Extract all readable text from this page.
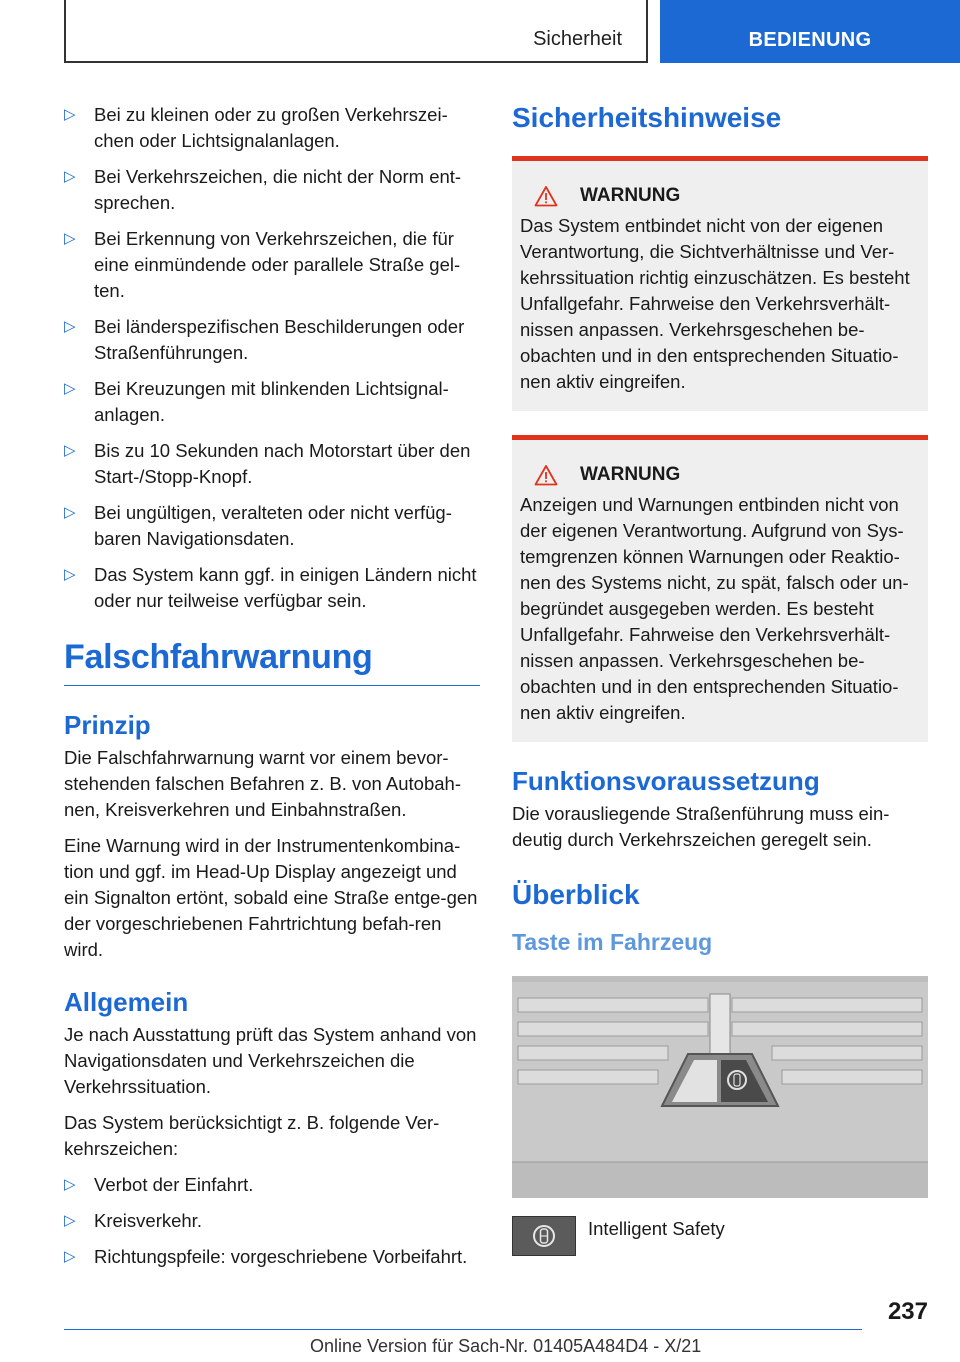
Sicherheit	BEDIENUNG
▷ Bei zu kleinen oder zu großen Verkehrszei-chen oder Lichtsignalanlagen.
▷ Bei Verkehrszeichen, die nicht der Norm ent-sprechen.
▷ Bei Erkennung von Verkehrszeichen, die für eine einmündende oder parallele Straße gel-ten.
▷ Bei länderspezifischen Beschilderungen oder Straßenführungen.
▷ Bei Kreuzungen mit blinkenden Lichtsignal-anlagen.
▷ Bis zu 10 Sekunden nach Motorstart über den Start-/Stopp-Knopf.
▷ Bei ungültigen, veralteten oder nicht verfüg-baren Navigationsdaten.
▷ Das System kann ggf. in einigen Ländern nicht oder nur teilweise verfügbar sein.
Falschfahrwarnung
Prinzip

Die Falschfahrwarnung warnt vor einem bevor-stehenden falschen Befahren z. B. von Autobah-nen, Kreisverkehren und Einbahnstraßen.

Eine Warnung wird in der Instrumentenkombina-tion und ggf. im Head-Up Display angezeigt und ein Signalton ertönt, sobald eine Straße entge-gen der vorgeschriebenen Fahrtrichtung befah-ren wird.

Allgemein

Je nach Ausstattung prüft das System anhand von Navigationsdaten und Verkehrszeichen die Verkehrssituation.

Das System berücksichtigt z. B. folgende Ver-kehrszeichen:

▷ Verbot der Einfahrt.
▷ Kreisverkehr.
▷ Richtungspfeile: vorgeschriebene Vorbeifahrt.
Sicherheitshinweise
WARNUNG

Das System entbindet nicht von der eigenen Verantwortung, die Sichtverhältnisse und Ver-kehrssituation richtig einzuschätzen. Es besteht Unfallgefahr. Fahrweise den Verkehrsverhält-nissen anpassen. Verkehrsgeschehen be-obachten und in den entsprechenden Situatio-nen aktiv eingreifen.

WARNUNG

Anzeigen und Warnungen entbinden nicht von der eigenen Verantwortung. Aufgrund von Sys-temgrenzen können Warnungen oder Reaktio-nen des Systems nicht, zu spät, falsch oder un-begründet ausgegeben werden. Es besteht Unfallgefahr. Fahrweise den Verkehrsverhält-nissen anpassen. Verkehrsgeschehen be-obachten und in den entsprechenden Situatio-nen aktiv eingreifen.

Funktionsvoraussetzung

Die vorausliegende Straßenführung muss ein-deutig durch Verkehrszeichen geregelt sein.

Überblick
Taste im Fahrzeug
Intelligent Safety
237
Online Version für Sach-Nr. 01405A484D4 - X/21
